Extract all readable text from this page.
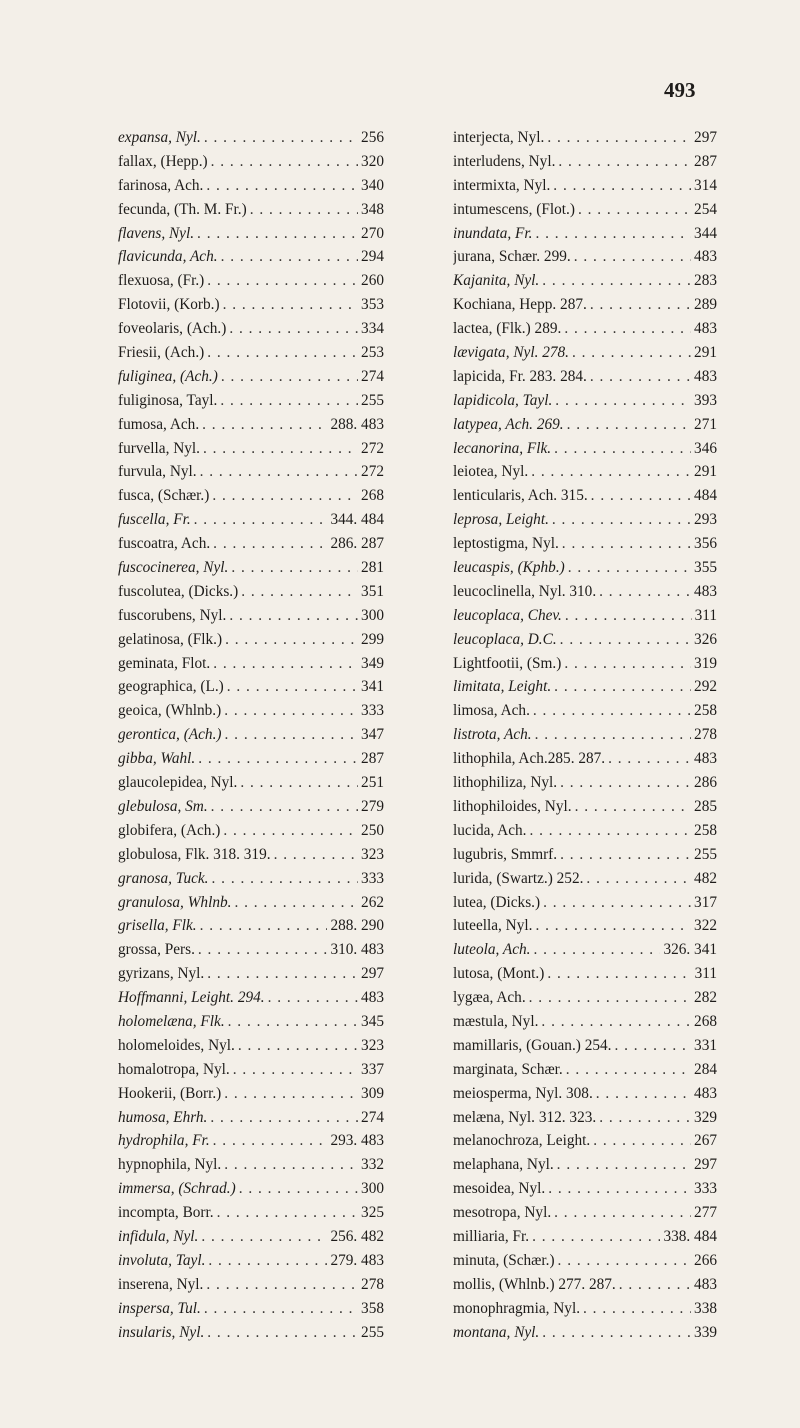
493
expansa, Nyl. . . .	256
fallax, (Hepp.) . . .	320
farinosa, Ach. . . .	340
fecunda, (Th. M. Fr.) . . .	348
flavens, Nyl. . . .	270
flavicunda, Ach. . . .	294
flexuosa, (Fr.) . . .	260
Flotovii, (Korb.) . . .	353
foveolaris, (Ach.) . . .	334
Friesii, (Ach.) . . .	253
fuliginea, (Ach.) . . .	274
fuliginosa, Tayl. . . .	255
fumosa, Ach. . . .	288. 483
furvella, Nyl. . . .	272
furvula, Nyl. . . .	272
fusca, (Schær.) . . .	268
fuscella, Fr. . . .	344. 484
fuscoatra, Ach. . . .	286. 287
fuscocinerea, Nyl. . . .	281
fuscolutea, (Dicks.) . . .	351
fuscorubens, Nyl. . . .	300
gelatinosa, (Flk.) . . .	299
geminata, Flot. . . .	349
geographica, (L.) . . .	341
geoica, (Whlnb.) . . .	333
gerontica, (Ach.) . . .	347
gibba, Wahl. . . .	287
glaucolepidea, Nyl. . . .	251
glebulosa, Sm. . . .	279
globifera, (Ach.) . . .	250
globulosa, Flk. 318. 319. . . .	323
granosa, Tuck. . . .	333
granulosa, Whlnb. . . .	262
grisella, Flk. . . .	288. 290
grossa, Pers. . . .	310. 483
gyrizans, Nyl. . . .	297
Hoffmanni, Leight. 294. . . .	483
holomelæna, Flk. . . .	345
holomeloides, Nyl. . . .	323
homalotropa, Nyl. . . .	337
Hookerii, (Borr.) . . .	309
humosa, Ehrh. . . .	274
hydrophila, Fr. . . .	293. 483
hypnophila, Nyl. . . .	332
immersa, (Schrad.) . . .	300
incompta, Borr. . . .	325
infidula, Nyl. . . .	256. 482
involuta, Tayl. . . .	279. 483
inserena, Nyl. . . .	278
inspersa, Tul. . . .	358
insularis, Nyl. . . .	255
interjecta, Nyl. . . .	297
interludens, Nyl. . . .	287
intermixta, Nyl. . . .	314
intumescens, (Flot.) . . .	254
inundata, Fr. . . .	344
jurana, Schær. 299. . . .	483
Kajanita, Nyl. . . .	283
Kochiana, Hepp. 287. . . .	289
lactea, (Flk.) 289. . . .	483
lævigata, Nyl. 278. . . .	291
lapicida, Fr. 283. 284. . . .	483
lapidicola, Tayl. . . .	393
latypea, Ach. 269. . . .	271
lecanorina, Flk. . . .	346
leiotea, Nyl. . . .	291
lenticularis, Ach. 315. . . .	484
leprosa, Leight. . . .	293
leptostigma, Nyl. . . .	356
leucaspis, (Kphb.) . . .	355
leucoclinella, Nyl. 310. . . .	483
leucoplaca, Chev. . . .	311
leucoplaca, D.C. . . .	326
Lightfootii, (Sm.) . . .	319
limitata, Leight. . . .	292
limosa, Ach. . . .	258
listrota, Ach. . . .	278
lithophila, Ach.285. 287. . . .	483
lithophiliza, Nyl. . . .	286
lithophiloides, Nyl. . . .	285
lucida, Ach. . . .	258
lugubris, Smmrf. . . .	255
lurida, (Swartz.) 252. . . .	482
lutea, (Dicks.) . . .	317
luteella, Nyl. . . .	322
luteola, Ach. . . .	326. 341
lutosa, (Mont.) . . .	311
lygæa, Ach. . . .	282
mæstula, Nyl. . . .	268
mamillaris, (Gouan.) 254. . . .	331
marginata, Schær. . . .	284
meiosperma, Nyl. 308. . . .	483
melæna, Nyl. 312. 323. . . .	329
melanochroza, Leight. . . .	267
melaphana, Nyl. . . .	297
mesoidea, Nyl. . . .	333
mesotropa, Nyl. . . .	277
milliaria, Fr. . . .	338. 484
minuta, (Schær.) . . .	266
mollis, (Whlnb.) 277. 287. . . .	483
monophragmia, Nyl. . . .	338
montana, Nyl. . . .	339
